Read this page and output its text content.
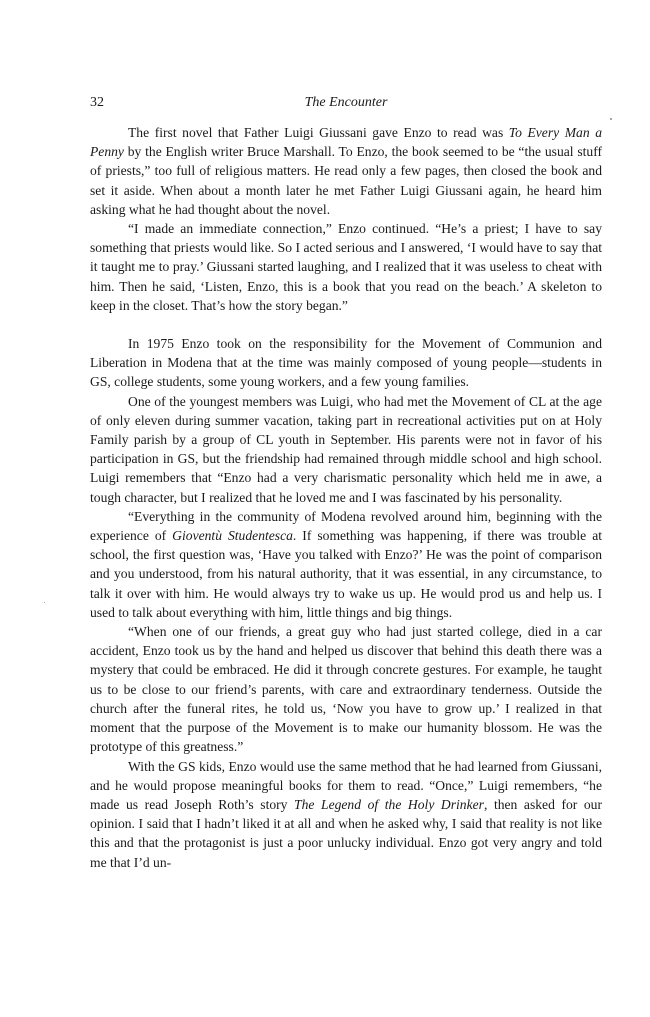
32	The Encounter

The first novel that Father Luigi Giussani gave Enzo to read was To Every Man a Penny by the English writer Bruce Marshall. To Enzo, the book seemed to be “the usual stuff of priests,” too full of religious matters. He read only a few pages, then closed the book and set it aside. When about a month later he met Father Luigi Giussani again, he heard him asking what he had thought about the novel.

“I made an immediate connection,” Enzo continued. “He’s a priest; I have to say something that priests would like. So I acted serious and I answered, ‘I would have to say that it taught me to pray.’ Giussani started laughing, and I realized that it was useless to cheat with him. Then he said, ‘Listen, Enzo, this is a book that you read on the beach.’ A skeleton to keep in the closet. That’s how the story began.”

In 1975 Enzo took on the responsibility for the Movement of Communion and Liberation in Modena that at the time was mainly composed of young people—students in GS, college students, some young workers, and a few young families.

One of the youngest members was Luigi, who had met the Movement of CL at the age of only eleven during summer vacation, taking part in recreational activities put on at Holy Family parish by a group of CL youth in September. His parents were not in favor of his participation in GS, but the friendship had remained through middle school and high school. Luigi remembers that “Enzo had a very charismatic personality which held me in awe, a tough character, but I realized that he loved me and I was fascinated by his personality.

“Everything in the community of Modena revolved around him, beginning with the experience of Gioventù Studentesca. If something was happening, if there was trouble at school, the first question was, ‘Have you talked with Enzo?’ He was the point of comparison and you understood, from his natural authority, that it was essential, in any circumstance, to talk it over with him. He would always try to wake us up. He would prod us and help us. I used to talk about everything with him, little things and big things.

“When one of our friends, a great guy who had just started college, died in a car accident, Enzo took us by the hand and helped us discover that behind this death there was a mystery that could be embraced. He did it through concrete gestures. For example, he taught us to be close to our friend’s parents, with care and extraordinary tenderness. Outside the church after the funeral rites, he told us, ‘Now you have to grow up.’ I realized in that moment that the purpose of the Movement is to make our humanity blossom. He was the prototype of this greatness.”

With the GS kids, Enzo would use the same method that he had learned from Giussani, and he would propose meaningful books for them to read. “Once,” Luigi remembers, “he made us read Joseph Roth’s story The Legend of the Holy Drinker, then asked for our opinion. I said that I hadn’t liked it at all and when he asked why, I said that reality is not like this and that the protagonist is just a poor unlucky individual. Enzo got very angry and told me that I’d un-
